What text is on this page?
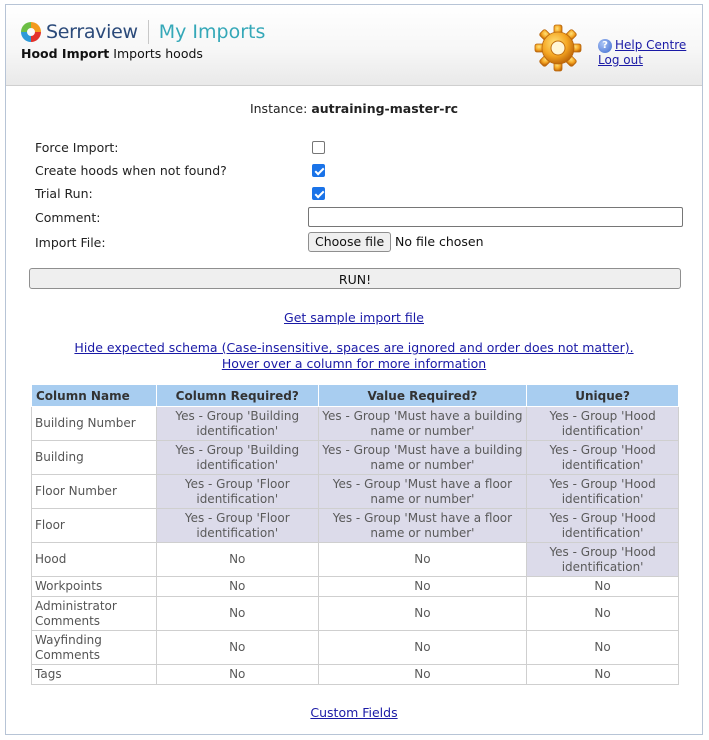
Serraview My Imports
Hood Import Imports hoods
? Help Centre
Log out
Instance: autraining-master-rc
Force Import:
Create hoods when not found?
Trial Run:
Comment:
Import File:	Choose file No file chosen
RUN!
Get sample import file
Hide expected schema (Case-insensitive, spaces are ignored and order does not matter).
Hover over a column for more information
Column Name	Column Required?	Value Required?	Unique?
Building Number	Yes - Group 'Building identification'	Yes - Group 'Must have a building name or number'	Yes - Group 'Hood identification'
Building	Yes - Group 'Building identification'	Yes - Group 'Must have a building name or number'	Yes - Group 'Hood identification'
Floor Number	Yes - Group 'Floor identification'	Yes - Group 'Must have a floor name or number'	Yes - Group 'Hood identification'
Floor	Yes - Group 'Floor identification'	Yes - Group 'Must have a floor name or number'	Yes - Group 'Hood identification'
Hood	No	No	Yes - Group 'Hood identification'
Workpoints	No	No	No
Administrator Comments	No	No	No
Wayfinding Comments	No	No	No
Tags	No	No	No
Custom Fields
